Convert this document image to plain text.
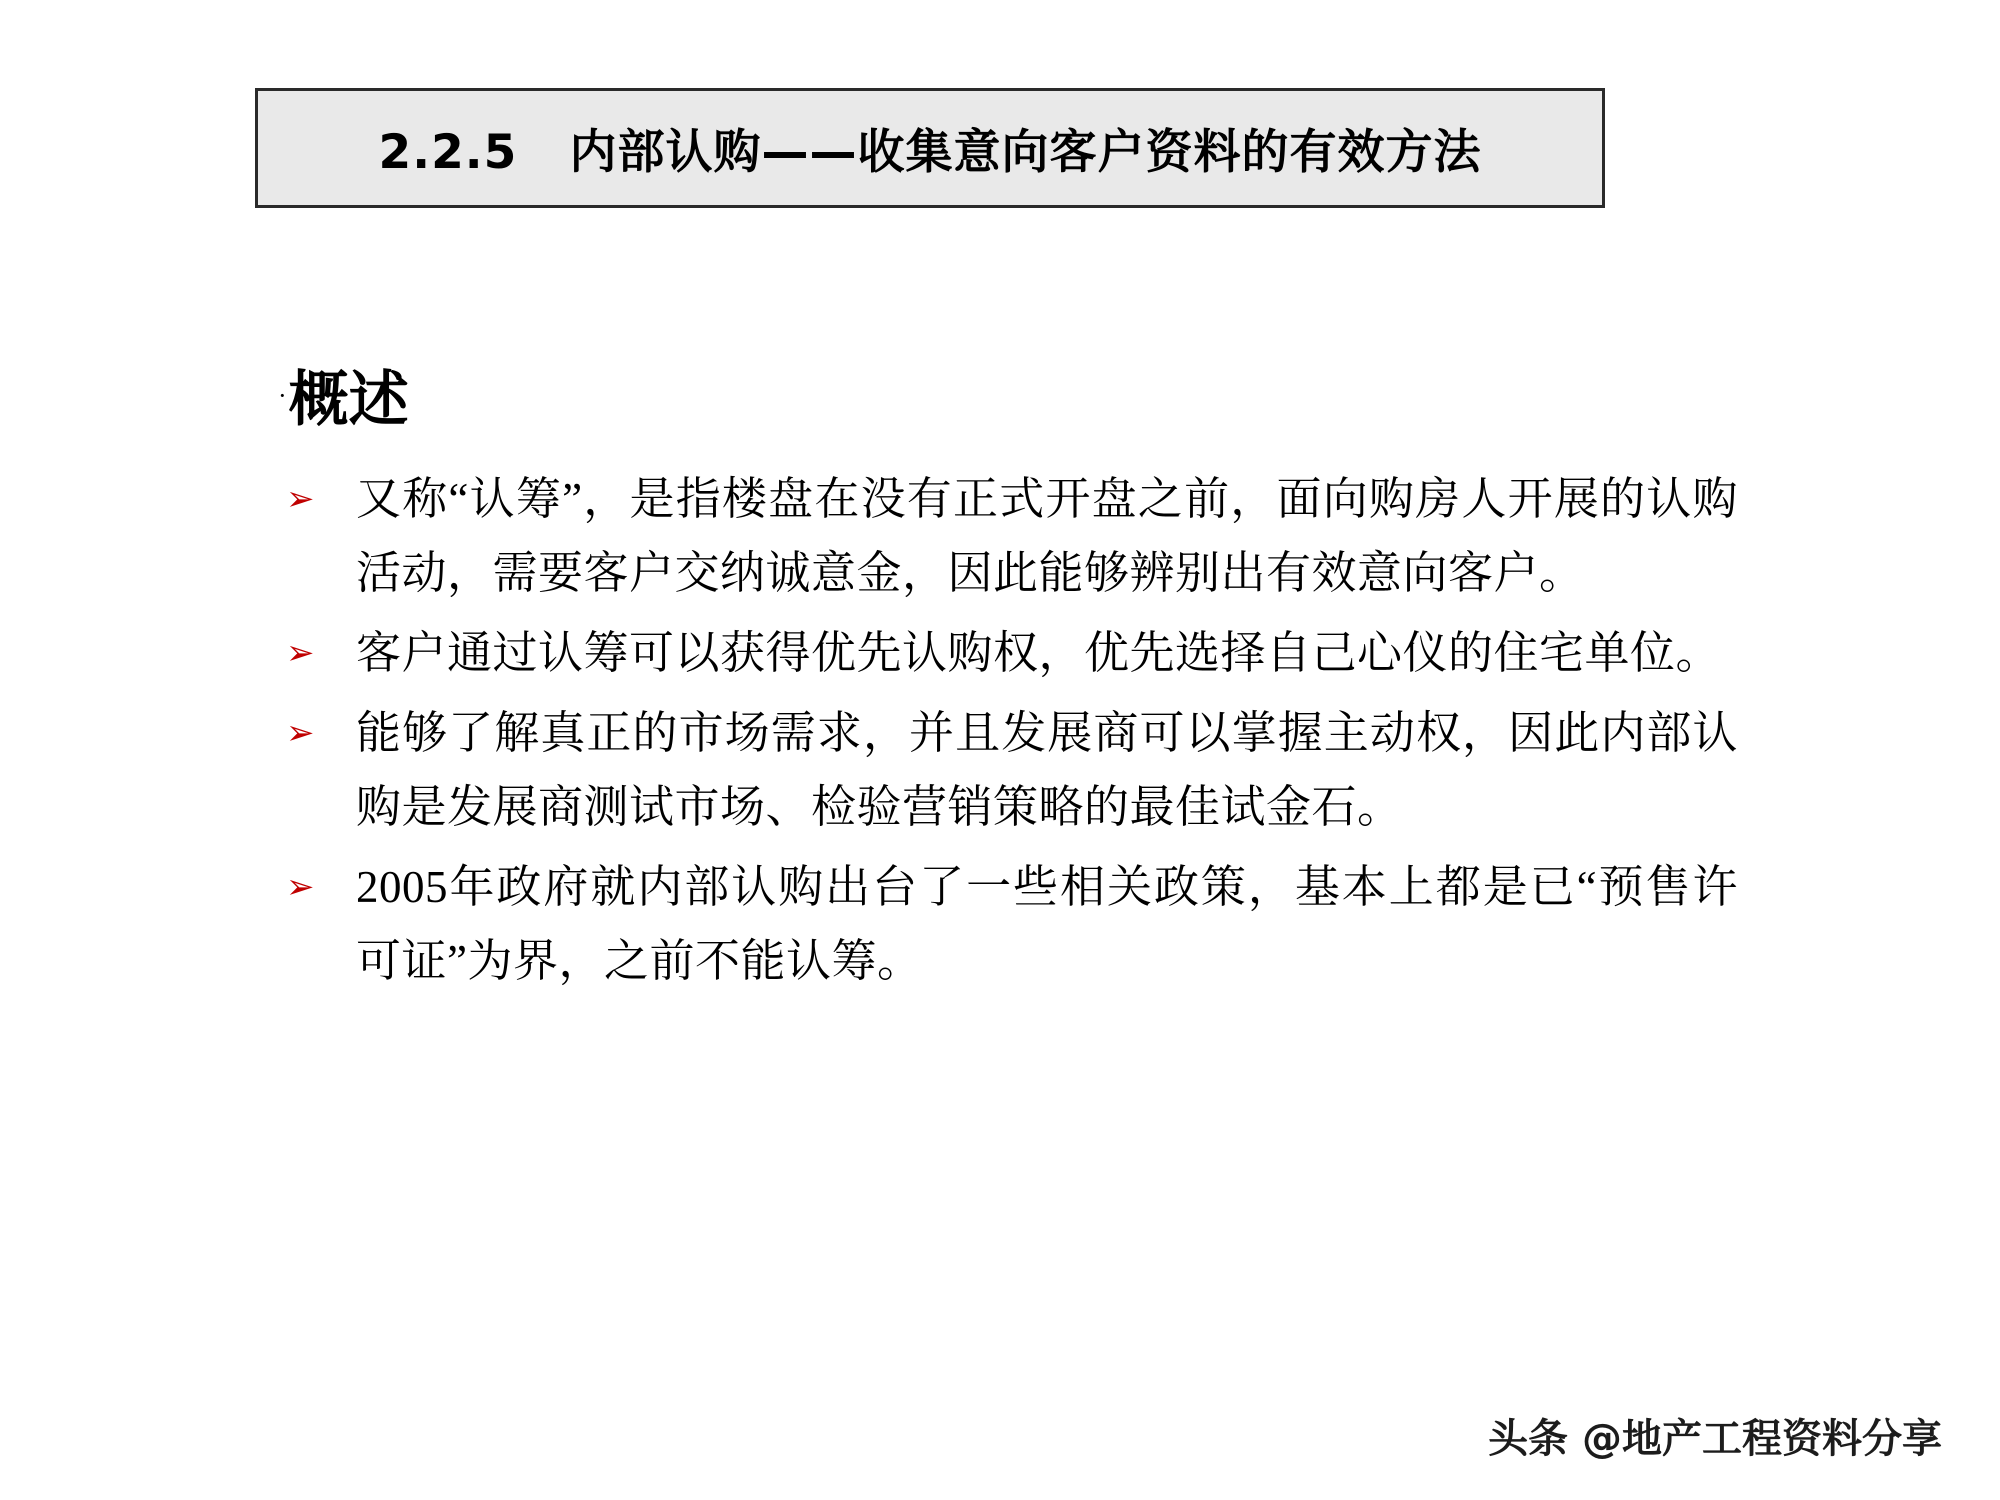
2.2.5   内部认购——收集意向客户资料的有效方法
· 概述
➢ 又称“认筹”，是指楼盘在没有正式开盘之前，面向购房人开展的认购活动，需要客户交纳诚意金，因此能够辨别出有效意向客户。
➢ 客户通过认筹可以获得优先认购权，优先选择自己心仪的住宅单位。
➢ 能够了解真正的市场需求，并且发展商可以掌握主动权，因此内部认购是发展商测试市场、检验营销策略的最佳试金石。
➢ 2005年政府就内部认购出台了一些相关政策，基本上都是已“预售许可证”为界，之前不能认筹。
头条 @地产工程资料分享
